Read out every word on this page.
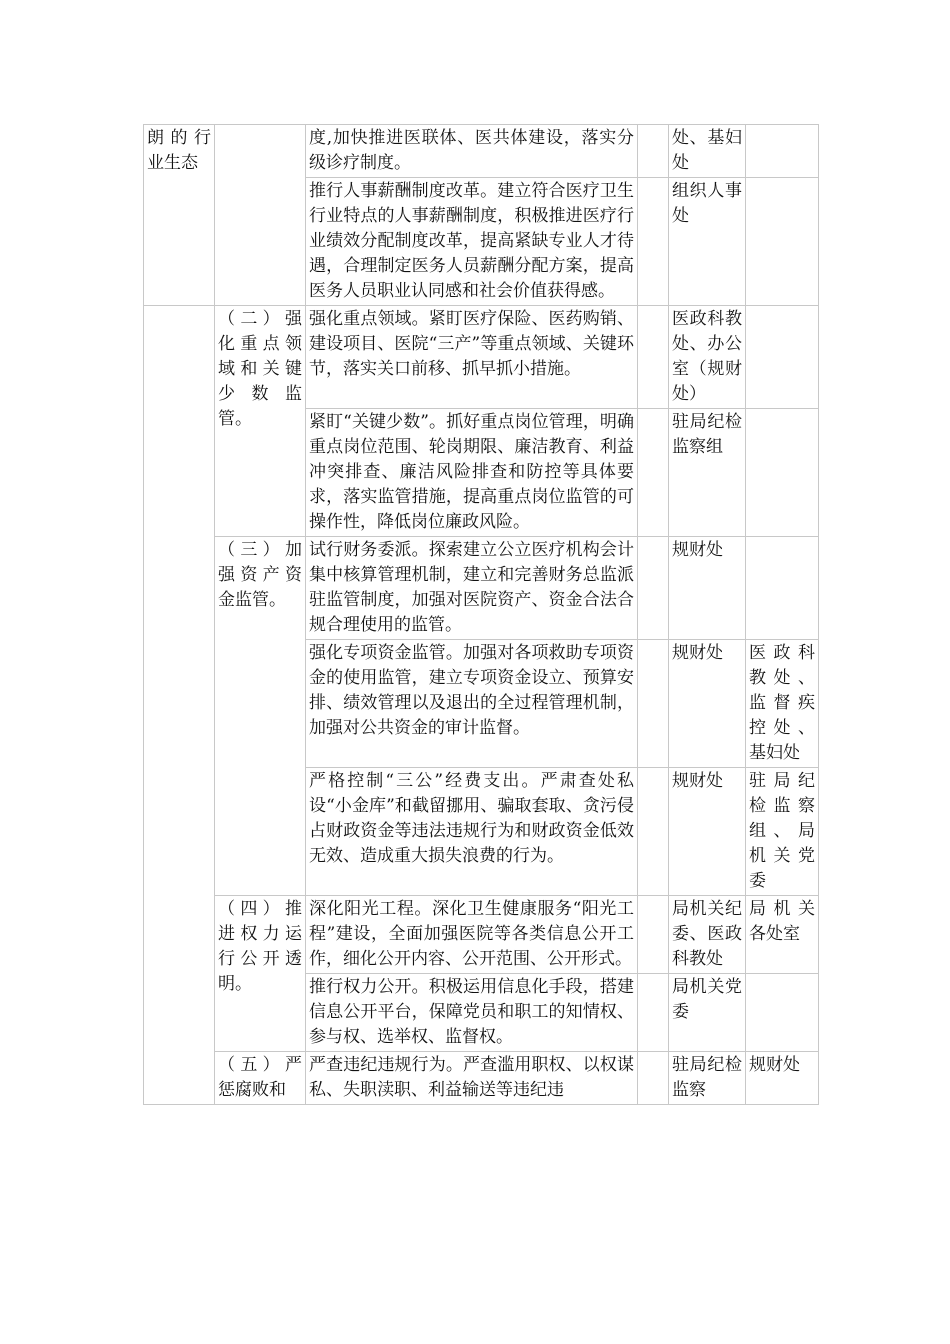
朗的行业生态		度,加快推进医联体、医共体建设，落实分级诊疗制度。		处、基妇处	
		推行人事薪酬制度改革。建立符合医疗卫生行业特点的人事薪酬制度，积极推进医疗行业绩效分配制度改革，提高紧缺专业人才待遇，合理制定医务人员薪酬分配方案，提高医务人员职业认同感和社会价值获得感。		组织人事处	
	（二）强化重点领域和关键少数监管。	强化重点领域。紧盯医疗保险、医药购销、建设项目、医院“三产”等重点领域、关键环节，落实关口前移、抓早抓小措施。		医政科教处、办公室（规财处）	
		紧盯“关键少数”。抓好重点岗位管理，明确重点岗位范围、轮岗期限、廉洁教育、利益冲突排查、廉洁风险排查和防控等具体要求，落实监管措施，提高重点岗位监管的可操作性，降低岗位廉政风险。		驻局纪检监察组	
	（三）加强资产资金监管。	试行财务委派。探索建立公立医疗机构会计集中核算管理机制，建立和完善财务总监派驻监管制度，加强对医院资产、资金合法合规合理使用的监管。		规财处	
		强化专项资金监管。加强对各项救助专项资金的使用监管，建立专项资金设立、预算安排、绩效管理以及退出的全过程管理机制，加强对公共资金的审计监督。		规财处	医政科教处、监督疾控处、基妇处
		严格控制“三公”经费支出。严肃查处私设“小金库”和截留挪用、骗取套取、贪污侵占财政资金等违法违规行为和财政资金低效无效、造成重大损失浪费的行为。		规财处	驻局纪检监察组、局机关党委
	（四）推进权力运行公开透明。	深化阳光工程。深化卫生健康服务“阳光工程”建设，全面加强医院等各类信息公开工作，细化公开内容、公开范围、公开形式。		局机关纪委、医政科教处	局机关各处室
		推行权力公开。积极运用信息化手段，搭建信息公开平台，保障党员和职工的知情权、参与权、选举权、监督权。		局机关党委	
	（五）严惩腐败和	严查违纪违规行为。严查滥用职权、以权谋私、失职渎职、利益输送等违纪违		驻局纪检监察	规财处
